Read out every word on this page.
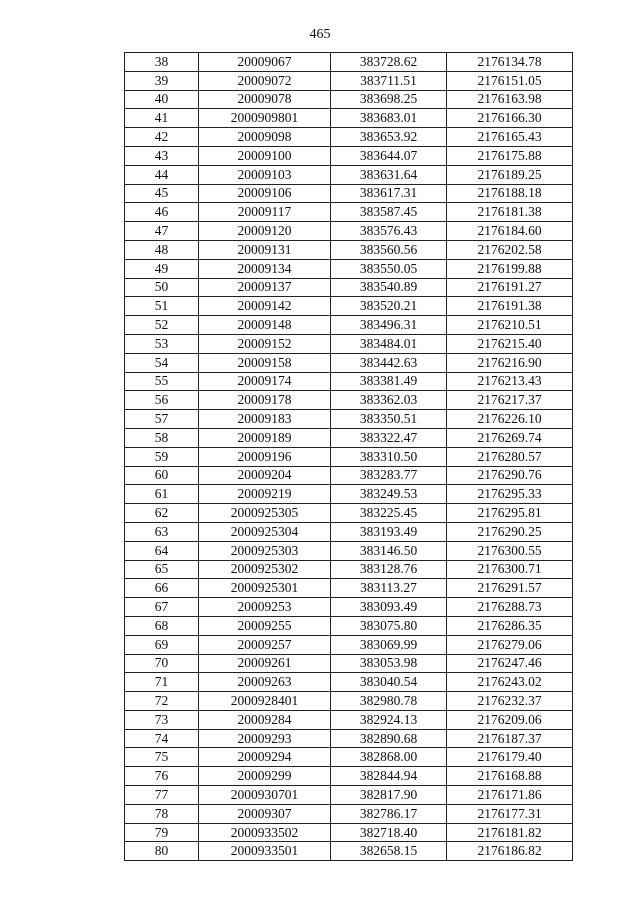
465
38	20009067	383728.62	2176134.78
39	20009072	383711.51	2176151.05
40	20009078	383698.25	2176163.98
41	2000909801	383683.01	2176166.30
42	20009098	383653.92	2176165.43
43	20009100	383644.07	2176175.88
44	20009103	383631.64	2176189.25
45	20009106	383617.31	2176188.18
46	20009117	383587.45	2176181.38
47	20009120	383576.43	2176184.60
48	20009131	383560.56	2176202.58
49	20009134	383550.05	2176199.88
50	20009137	383540.89	2176191.27
51	20009142	383520.21	2176191.38
52	20009148	383496.31	2176210.51
53	20009152	383484.01	2176215.40
54	20009158	383442.63	2176216.90
55	20009174	383381.49	2176213.43
56	20009178	383362.03	2176217.37
57	20009183	383350.51	2176226.10
58	20009189	383322.47	2176269.74
59	20009196	383310.50	2176280.57
60	20009204	383283.77	2176290.76
61	20009219	383249.53	2176295.33
62	2000925305	383225.45	2176295.81
63	2000925304	383193.49	2176290.25
64	2000925303	383146.50	2176300.55
65	2000925302	383128.76	2176300.71
66	2000925301	383113.27	2176291.57
67	20009253	383093.49	2176288.73
68	20009255	383075.80	2176286.35
69	20009257	383069.99	2176279.06
70	20009261	383053.98	2176247.46
71	20009263	383040.54	2176243.02
72	2000928401	382980.78	2176232.37
73	20009284	382924.13	2176209.06
74	20009293	382890.68	2176187.37
75	20009294	382868.00	2176179.40
76	20009299	382844.94	2176168.88
77	2000930701	382817.90	2176171.86
78	20009307	382786.17	2176177.31
79	2000933502	382718.40	2176181.82
80	2000933501	382658.15	2176186.82
